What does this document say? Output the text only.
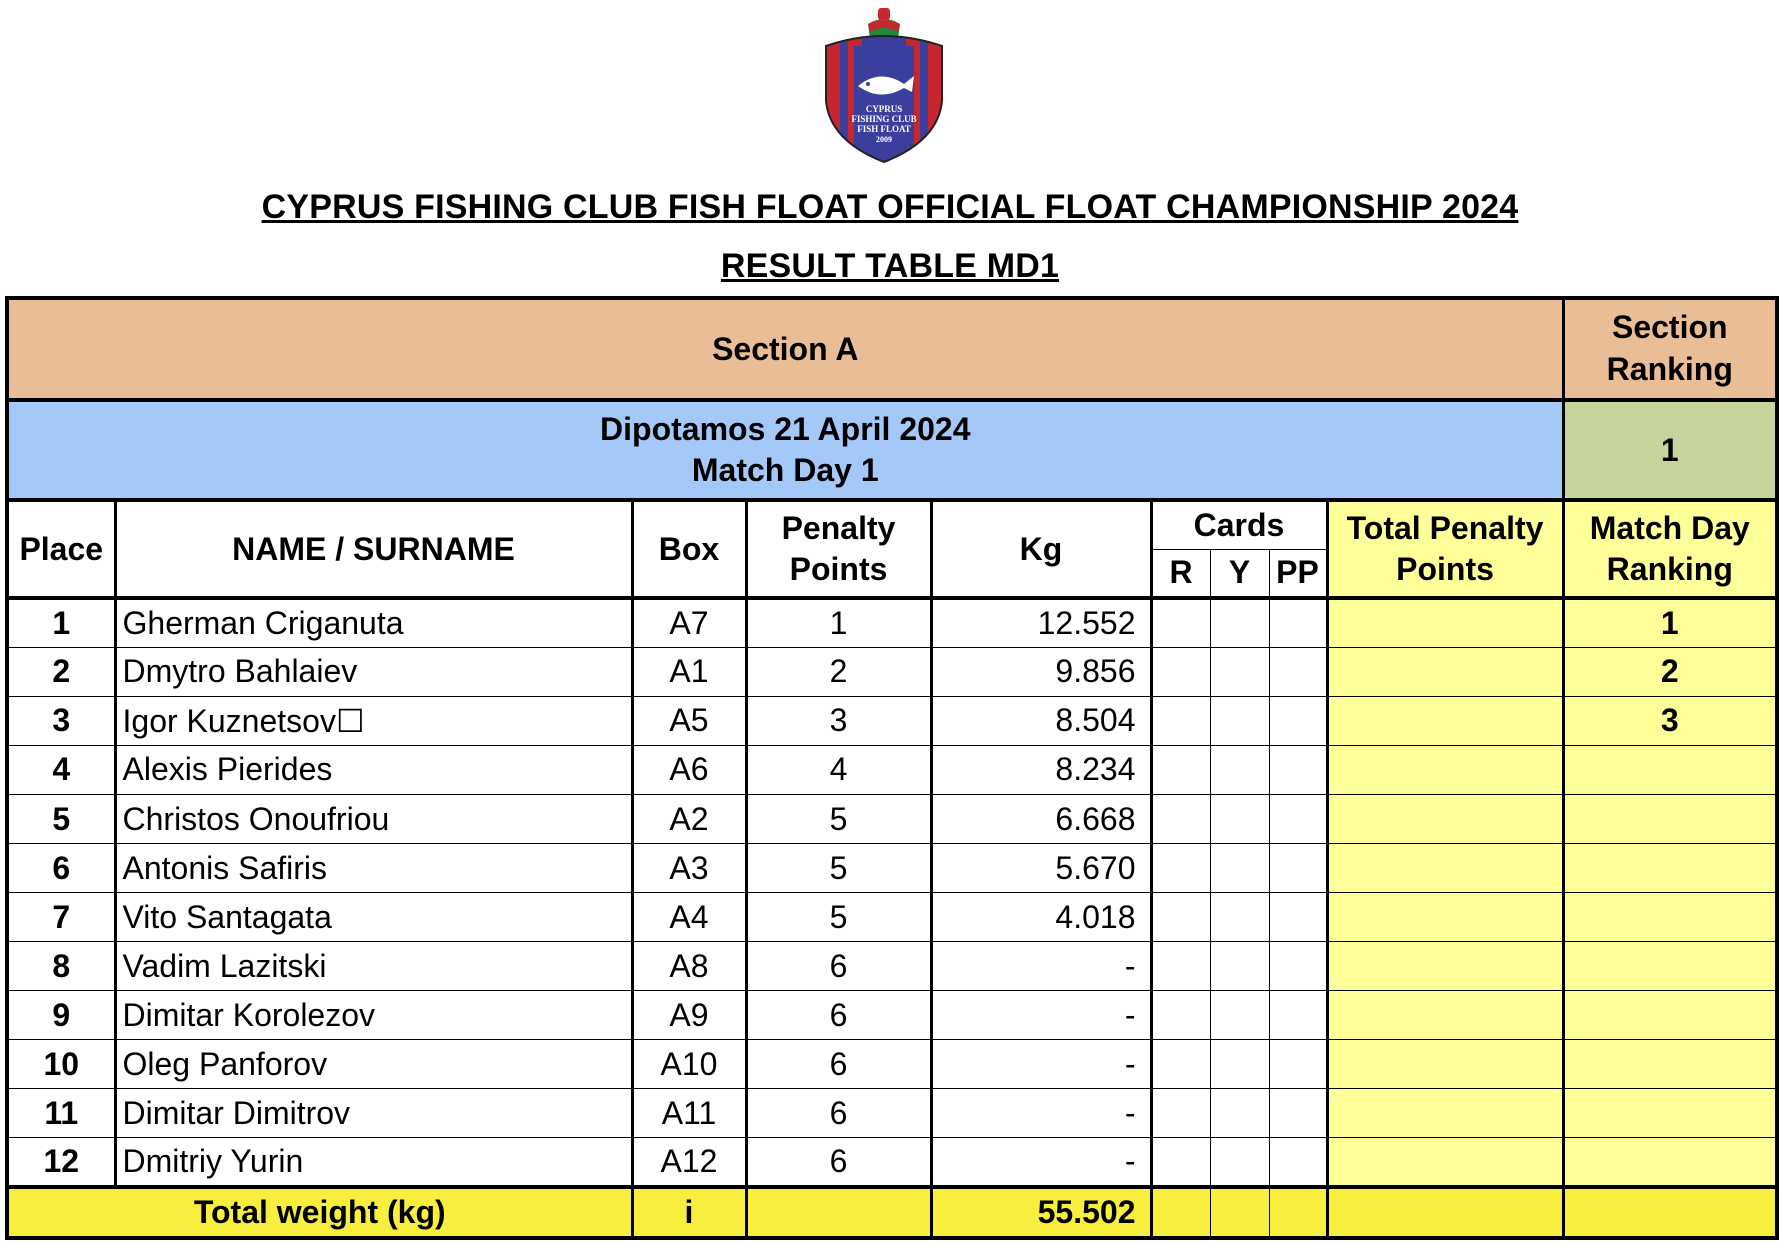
CYPRUS
FISHING CLUB
FISH FLOAT
2009
CYPRUS FISHING CLUB FISH FLOAT OFFICIAL FLOAT CHAMPIONSHIP 2024
RESULT TABLE MD1
Section A									Section Ranking

Dipotamos 21 April 2024
Match Day 1									1
Place	NAME / SURNAME	Box	Penalty Points	Kg	Cards			Total Penalty Points	Match Day Ranking
					R	Y	PP		
1	Gherman Criganuta	A7	1	12.552					1
2	Dmytro Bahlaiev	A1	2	9.856					2
3	Igor Kuznetsov☐	A5	3	8.504					3
4	Alexis Pierides	A6	4	8.234					
5	Christos Onoufriou	A2	5	6.668					
6	Antonis Safiris	A3	5	5.670					
7	Vito Santagata	A4	5	4.018					
8	Vadim Lazitski	A8	6	-					
9	Dimitar Korolezov	A9	6	-					
10	Oleg Panforov	A10	6	-					
11	Dimitar Dimitrov	A11	6	-					
12	Dmitriy Yurin	A12	6	-					
Total weight (kg)		i		55.502					
